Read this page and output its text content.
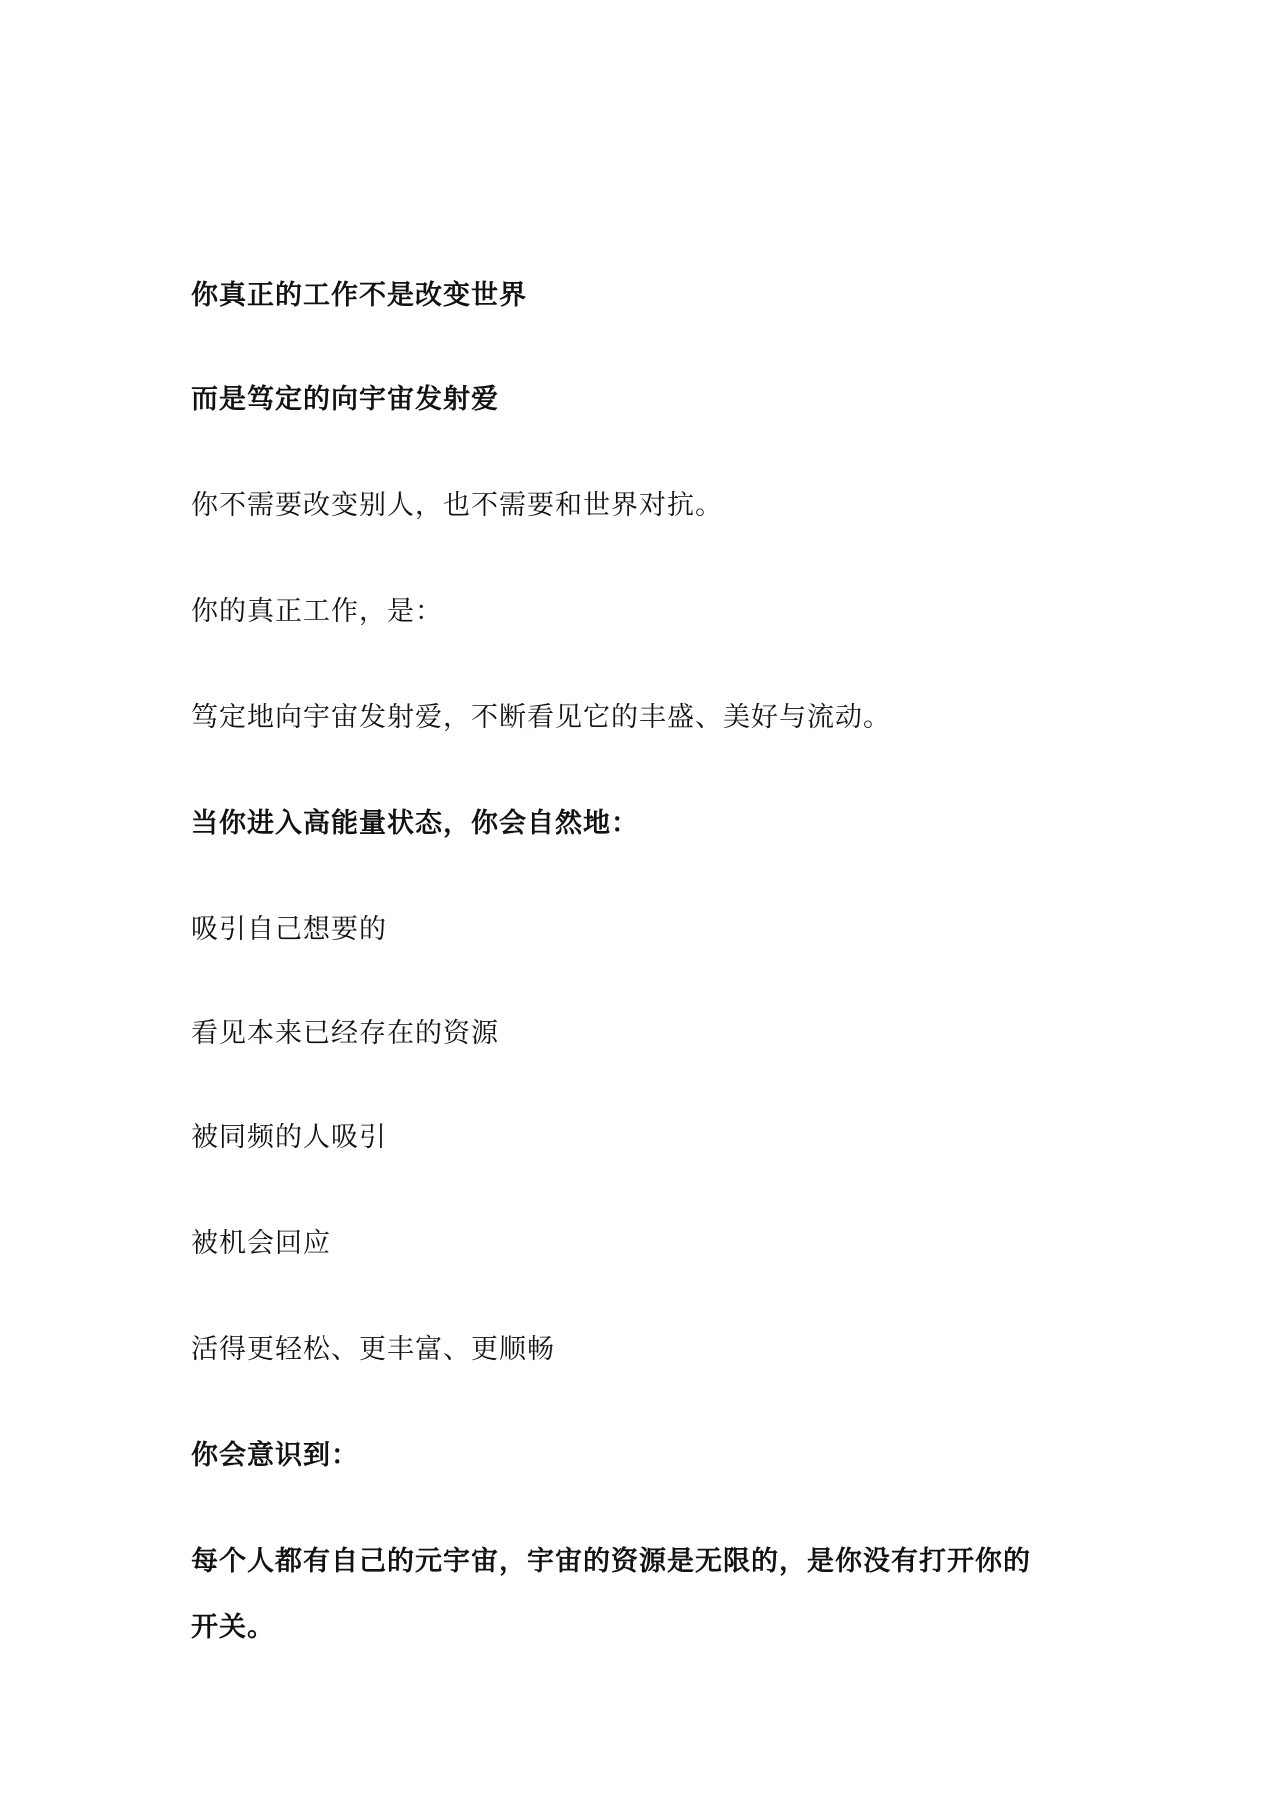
你真正的工作不是改变世界
而是笃定的向宇宙发射爱
你不需要改变别人，也不需要和世界对抗。
你的真正工作，是：
笃定地向宇宙发射爱，不断看见它的丰盛、美好与流动。
当你进入高能量状态，你会自然地：
吸引自己想要的
看见本来已经存在的资源
被同频的人吸引
被机会回应
活得更轻松、更丰富、更顺畅
你会意识到：
每个人都有自己的元宇宙，宇宙的资源是无限的，是你没有打开你的
开关。
